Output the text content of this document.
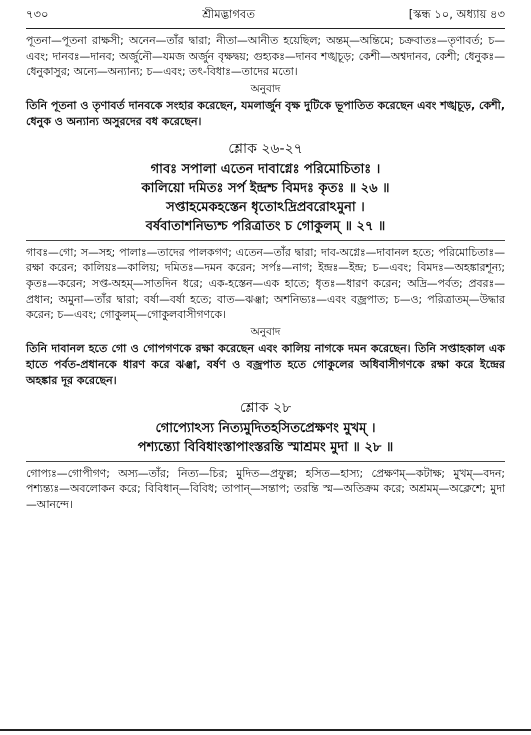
৭৩০	শ্রীমদ্ভাগবত	[স্কন্ধ ১০, অধ্যায় ৪৩

পূতনা—পূতনা রাক্ষসী; অনেন—তাঁর দ্বারা; নীতা—আনীত হয়েছিল; অন্তম্—অন্তিমে; চক্রবাতঃ—তৃণাবর্ত; চ—এবং; দানবঃ—দানব; অর্জুনৌ—যমজ অর্জুন বৃক্ষদ্বয়; গুহ্যকঃ—দানব শঙ্খচূড়; কেশী—অশ্বদানব, কেশী; ধেনুকঃ—ধেনুকাসুর; অন্যে—অন্যান্য; চ—এবং; তৎ-বিধাঃ—তাদের মতো।

অনুবাদ

তিনি পূতনা ও তৃণাবর্ত দানবকে সংহার করেছেন, যমলার্জুন বৃক্ষ দুটিকে ভূপাতিত করেছেন এবং শঙ্খচূড়, কেশী, ধেনুক ও অন্যান্য অসুরদের বধ করেছেন।

শ্লোক ২৬-২৭

গাবঃ সপালা এতেন দাবাগ্নেঃ পরিমোচিতাঃ ।

কালিয়ো দমিতঃ সর্প ইন্দ্রশ্চ বিমদঃ কৃতঃ ॥ ২৬ ॥

সপ্তাহমেকহস্তেন ধৃতোঽদ্রিপ্রবরোঽমুনা ।

বর্ষবাতাশনিভ্যশ্চ পরিত্রাতং চ গোকুলম্ ॥ ২৭ ॥

গাবঃ—গো; স—সহ; পালাঃ—তাদের পালকগণ; এতেন—তাঁর দ্বারা; দাব-অগ্নেঃ—দাবানল হতে; পরিমোচিতাঃ—রক্ষা করেন; কালিয়ঃ—কালিয়; দমিতঃ—দমন করেন; সর্পঃ—নাগ; ইন্দ্রঃ—ইন্দ্র; চ—এবং; বিমদঃ—অহঙ্কারশূন্য; কৃতঃ—করেন; সপ্ত-অহম্—সাতদিন ধরে; এক-হস্তেন—এক হাতে; ধৃতঃ—ধারণ করেন; অদ্রি—পর্বত; প্রবরঃ—প্রধান; অমুনা—তাঁর দ্বারা; বর্ষা—বর্ষা হতে; বাত—ঝঞ্ঝা; অশনিভ্যঃ—এবং বজ্রপাত; চ—ও; পরিত্রাতম্—উদ্ধার করেন; চ—এবং; গোকুলম্—গোকুলবাসীগণকে।

অনুবাদ

তিনি দাবানল হতে গো ও গোপগণকে রক্ষা করেছেন এবং কালিয় নাগকে দমন করেছেন। তিনি সপ্তাহকাল এক হাতে পর্বত-প্রধানকে ধারণ করে ঝঞ্ঝা, বর্ষণ ও বজ্রপাত হতে গোকুলের অধিবাসীগণকে রক্ষা করে ইন্দ্রের অহঙ্কার দূর করেছেন।

শ্লোক ২৮

গোপ্যোঽস্য নিত্যমুদিতহসিতপ্রেক্ষণং মুখম্ ।

পশ্যন্ত্যো বিবিধাংস্তাপাংস্তরন্তি স্মাশ্রমং মুদা ॥ ২৮ ॥

গোপ্যঃ—গোপীগণ; অস্য—তাঁর; নিত্য—চির; মুদিত—প্রফুল্ল; হসিত—হাস্য; প্রেক্ষণম্—কটাক্ষ; মুখম্—বদন; পশ্যন্ত্যঃ—অবলোকন করে; বিবিধান্—বিবিধ; তাপান্—সন্তাপ; তরন্তি স্ম—অতিক্রম করে; অশ্রমম্—অক্লেশে; মুদা—আনন্দে।
